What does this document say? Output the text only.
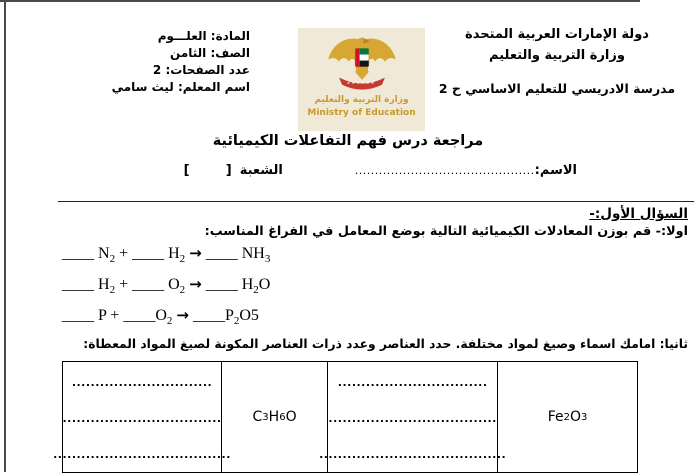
المادة: العلـــوم
الصف: الثامن
عدد الصفحات: 2
اسم المعلم: ليث سامي
وزارة التربية والتعليم
Ministry of Education
دولة الإمارات العربية المتحدة
وزارة التربية والتعليم
مدرسة الادريسي للتعليم الاساسي ح 2
مراجعة درس فهم التفاعلات الكيميائية
الاسم:
.............................................
الشعبة
[        ]
السؤال الأول:-
اولا:- قم بوزن المعادلات الكيميائية التالية بوضع المعامل في الفراغ المناسب:
____ $N_2$ + ____ $H_2$ → ____ $NH_3$
____ $H_2$ + ____ $O_2$ → ____ $H_2O$
____ $P + \_\_\_\_O_2$ → $\_\_\_\_P_2O5$
ثانيا: امامك اسماء وصيغ لمواد مختلفة. حدد العناصر وعدد ذرات العناصر المكونة لصيغ المواد المعطاة:
..............................
..................................
......................................
C 3 H 6 O
................................
....................................
........................................
Fe 2 O 3
